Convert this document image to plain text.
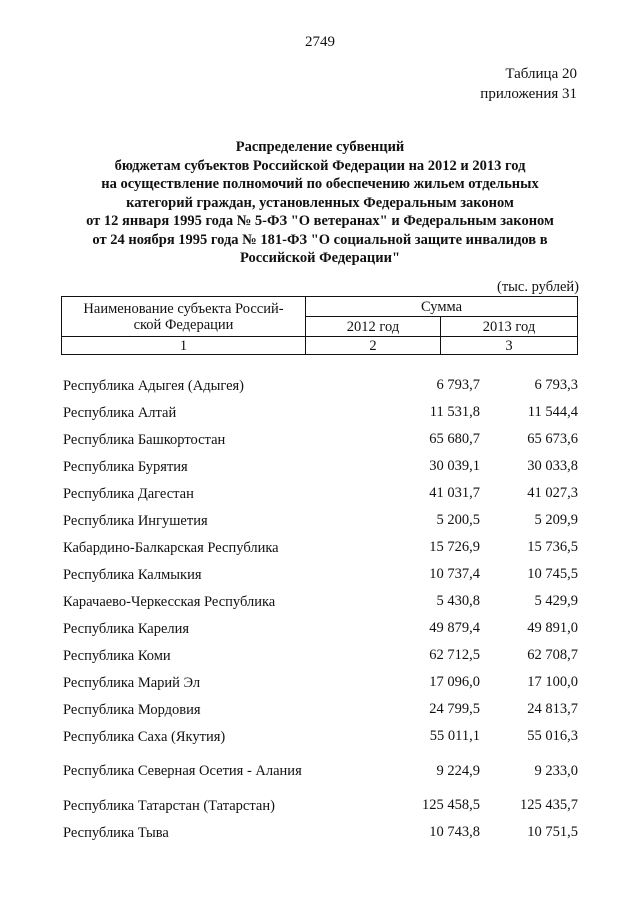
2749
Таблица 20
приложения 31
Распределение субвенций
бюджетам субъектов Российской Федерации на 2012 и 2013 год
на осуществление полномочий по обеспечению жильем отдельных
категорий граждан, установленных Федеральным законом
от 12 января 1995 года № 5-ФЗ "О ветеранах" и Федеральным законом
от 24 ноября 1995 года № 181-ФЗ "О социальной защите инвалидов в
Российской Федерации"
(тыс. рублей)
Наименование субъекта Россий-
ской Федерации	Сумма	
	2012 год	2013 год
1	2	3
Республика Адыгея (Адыгея)	6 793,7	6 793,3
Республика Алтай	11 531,8	11 544,4
Республика Башкортостан	65 680,7	65 673,6
Республика Бурятия	30 039,1	30 033,8
Республика Дагестан	41 031,7	41 027,3
Республика Ингушетия	5 200,5	5 209,9
Кабардино-Балкарская Республика	15 726,9	15 736,5
Республика Калмыкия	10 737,4	10 745,5
Карачаево-Черкесская Республика	5 430,8	5 429,9
Республика Карелия	49 879,4	49 891,0
Республика Коми	62 712,5	62 708,7
Республика Марий Эл	17 096,0	17 100,0
Республика Мордовия	24 799,5	24 813,7
Республика Саха (Якутия)	55 011,1	55 016,3
Республика Северная Осетия - Алания	9 224,9	9 233,0
Республика Татарстан (Татарстан)	125 458,5	125 435,7
Республика Тыва	10 743,8	10 751,5
